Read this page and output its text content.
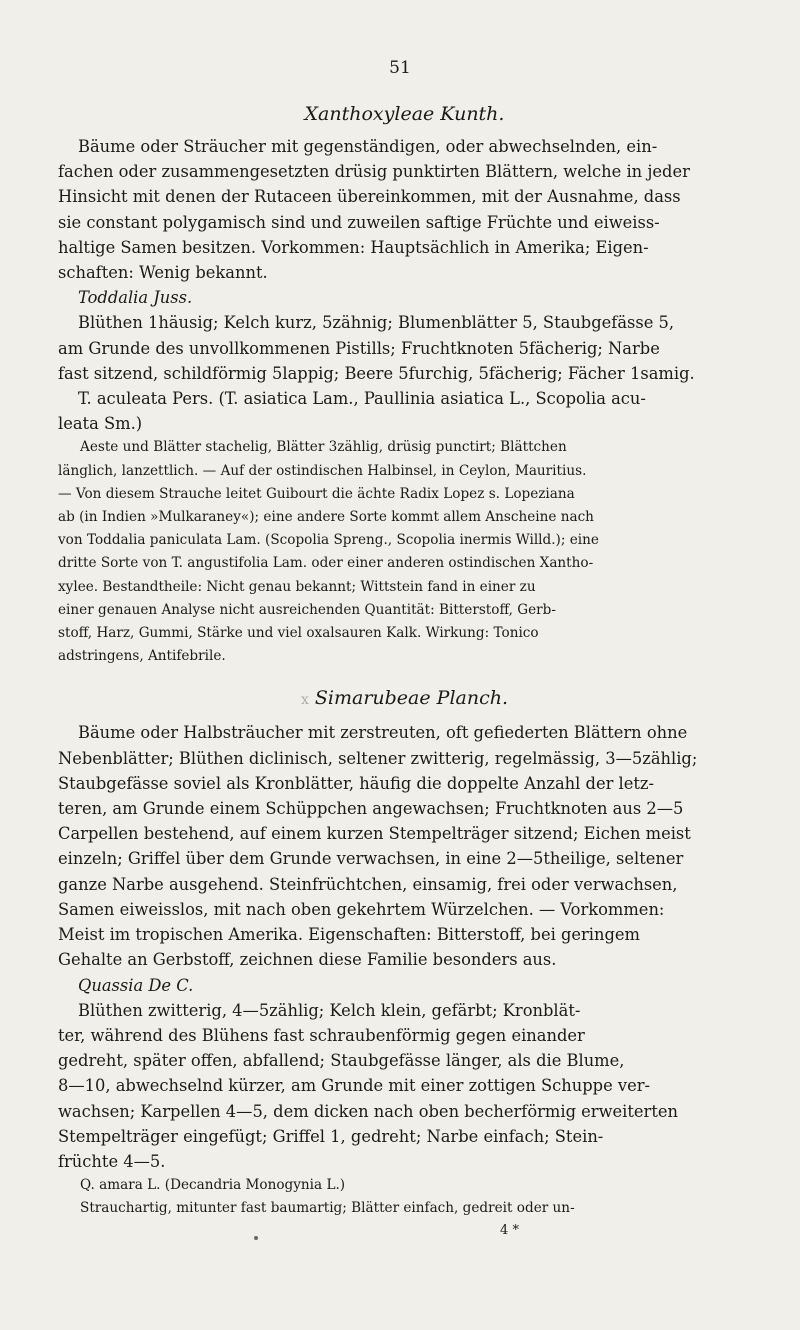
51
Xanthoxyleae Kunth.
Bäume oder Sträucher mit gegenständigen, oder abwechselnden, ein-
fachen oder zusammengesetzten drüsig punktirten Blättern, welche in jeder
Hinsicht mit denen der Rutaceen übereinkommen, mit der Ausnahme, dass
sie constant polygamisch sind und zuweilen saftige Früchte und eiweiss-
haltige Samen besitzen. Vorkommen: Hauptsächlich in Amerika; Eigen-
schaften: Wenig bekannt.
Toddalia Juss.
Blüthen 1häusig; Kelch kurz, 5zähnig; Blumenblätter 5, Staubgefässe 5,
am Grunde des unvollkommenen Pistills; Fruchtknoten 5fächerig; Narbe
fast sitzend, schildförmig 5lappig; Beere 5furchig, 5fächerig; Fächer 1samig.
T. aculeata Pers. (T. asiatica Lam., Paullinia asiatica L., Scopolia acu-
leata Sm.)
Aeste und Blätter stachelig, Blätter 3zählig, drüsig punctirt; Blättchen
länglich, lanzettlich. — Auf der ostindischen Halbinsel, in Ceylon, Mauritius.
— Von diesem Strauche leitet Guibourt die ächte Radix Lopez s. Lopeziana
ab (in Indien »Mulkaraney«); eine andere Sorte kommt allem Anscheine nach
von Toddalia paniculata Lam. (Scopolia Spreng., Scopolia inermis Willd.); eine
dritte Sorte von T. angustifolia Lam. oder einer anderen ostindischen Xantho-
xylee. Bestandtheile: Nicht genau bekannt; Wittstein fand in einer zu
einer genauen Analyse nicht ausreichenden Quantität: Bitterstoff, Gerb-
stoff, Harz, Gummi, Stärke und viel oxalsauren Kalk. Wirkung: Tonico
adstringens, Antifebrile.
x Simarubeae Planch.
Bäume oder Halbsträucher mit zerstreuten, oft gefiederten Blättern ohne
Nebenblätter; Blüthen diclinisch, seltener zwitterig, regelmässig, 3—5zählig;
Staubgefässe soviel als Kronblätter, häufig die doppelte Anzahl der letz-
teren, am Grunde einem Schüppchen angewachsen; Fruchtknoten aus 2—5
Carpellen bestehend, auf einem kurzen Stempelträger sitzend; Eichen meist
einzeln; Griffel über dem Grunde verwachsen, in eine 2—5theilige, seltener
ganze Narbe ausgehend. Steinfrüchtchen, einsamig, frei oder verwachsen,
Samen eiweisslos, mit nach oben gekehrtem Würzelchen. — Vorkommen:
Meist im tropischen Amerika. Eigenschaften: Bitterstoff, bei geringem
Gehalte an Gerbstoff, zeichnen diese Familie besonders aus.
Quassia De C.
Blüthen zwitterig, 4—5zählig; Kelch klein, gefärbt; Kronblät-
ter, während des Blühens fast schraubenförmig gegen einander
gedreht, später offen, abfallend; Staubgefässe länger, als die Blume,
8—10, abwechselnd kürzer, am Grunde mit einer zottigen Schuppe ver-
wachsen; Karpellen 4—5, dem dicken nach oben becherförmig erweiterten
Stempelträger eingefügt; Griffel 1, gedreht; Narbe einfach; Stein-
früchte 4—5.
Q. amara L. (Decandria Monogynia L.)
Strauchartig, mitunter fast baumartig; Blätter einfach, gedreit oder un-
4 *
